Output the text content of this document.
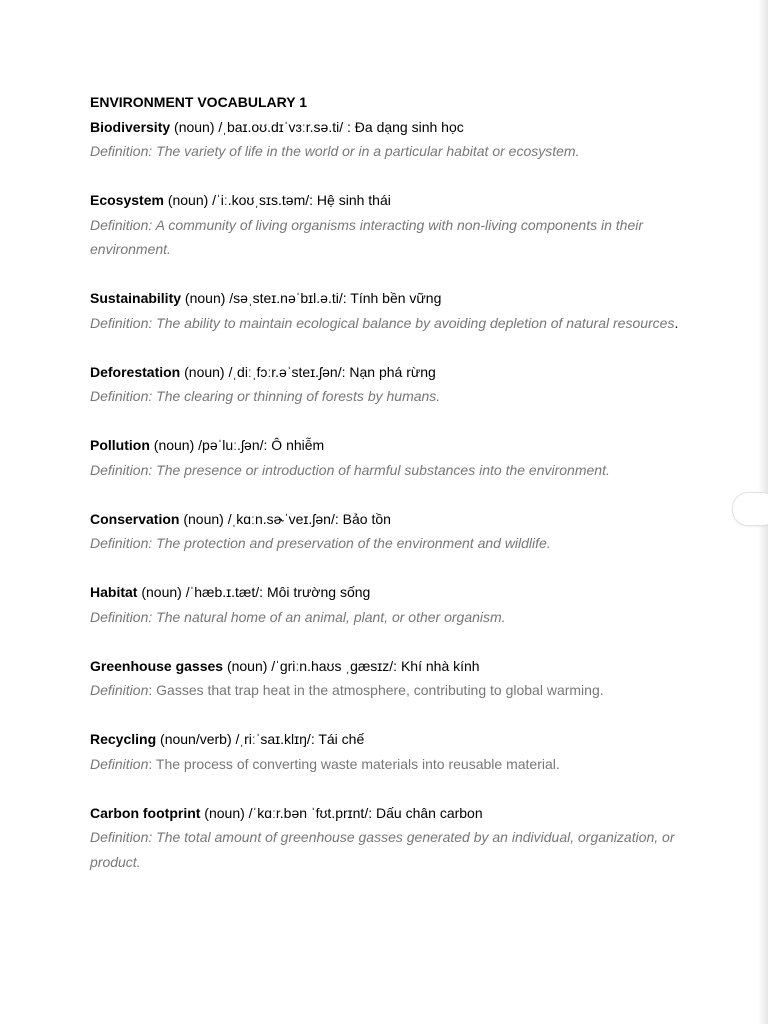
ENVIRONMENT VOCABULARY 1

Biodiversity (noun) /ˌbaɪ.oʊ.dɪˈvɜːr.sə.ti/ : Đa dạng sinh học

Definition: The variety of life in the world or in a particular habitat or ecosystem.

Ecosystem (noun) /ˈiː.koʊˌsɪs.təm/: Hệ sinh thái

Definition: A community of living organisms interacting with non-living components in their environment.

Sustainability (noun) /səˌsteɪ.nəˈbɪl.ə.ti/: Tính bền vững

Definition: The ability to maintain ecological balance by avoiding depletion of natural resources.

Deforestation (noun) /ˌdiːˌfɔːr.əˈsteɪ.ʃən/: Nạn phá rừng

Definition: The clearing or thinning of forests by humans.

Pollution (noun) /pəˈluː.ʃən/: Ô nhiễm

Definition: The presence or introduction of harmful substances into the environment.

Conservation (noun) /ˌkɑːn.sɚˈveɪ.ʃən/: Bảo tồn

Definition: The protection and preservation of the environment and wildlife.

Habitat (noun) /ˈhæb.ɪ.tæt/: Môi trường sống

Definition: The natural home of an animal, plant, or other organism.

Greenhouse gasses (noun) /ˈɡriːn.haʊs ˌɡæsɪz/: Khí nhà kính

Definition: Gasses that trap heat in the atmosphere, contributing to global warming.

Recycling (noun/verb) /ˌriːˈsaɪ.klɪŋ/: Tái chế

Definition: The process of converting waste materials into reusable material.

Carbon footprint (noun) /ˈkɑːr.bən ˈfʊt.prɪnt/: Dấu chân carbon

Definition: The total amount of greenhouse gasses generated by an individual, organization, or product.
